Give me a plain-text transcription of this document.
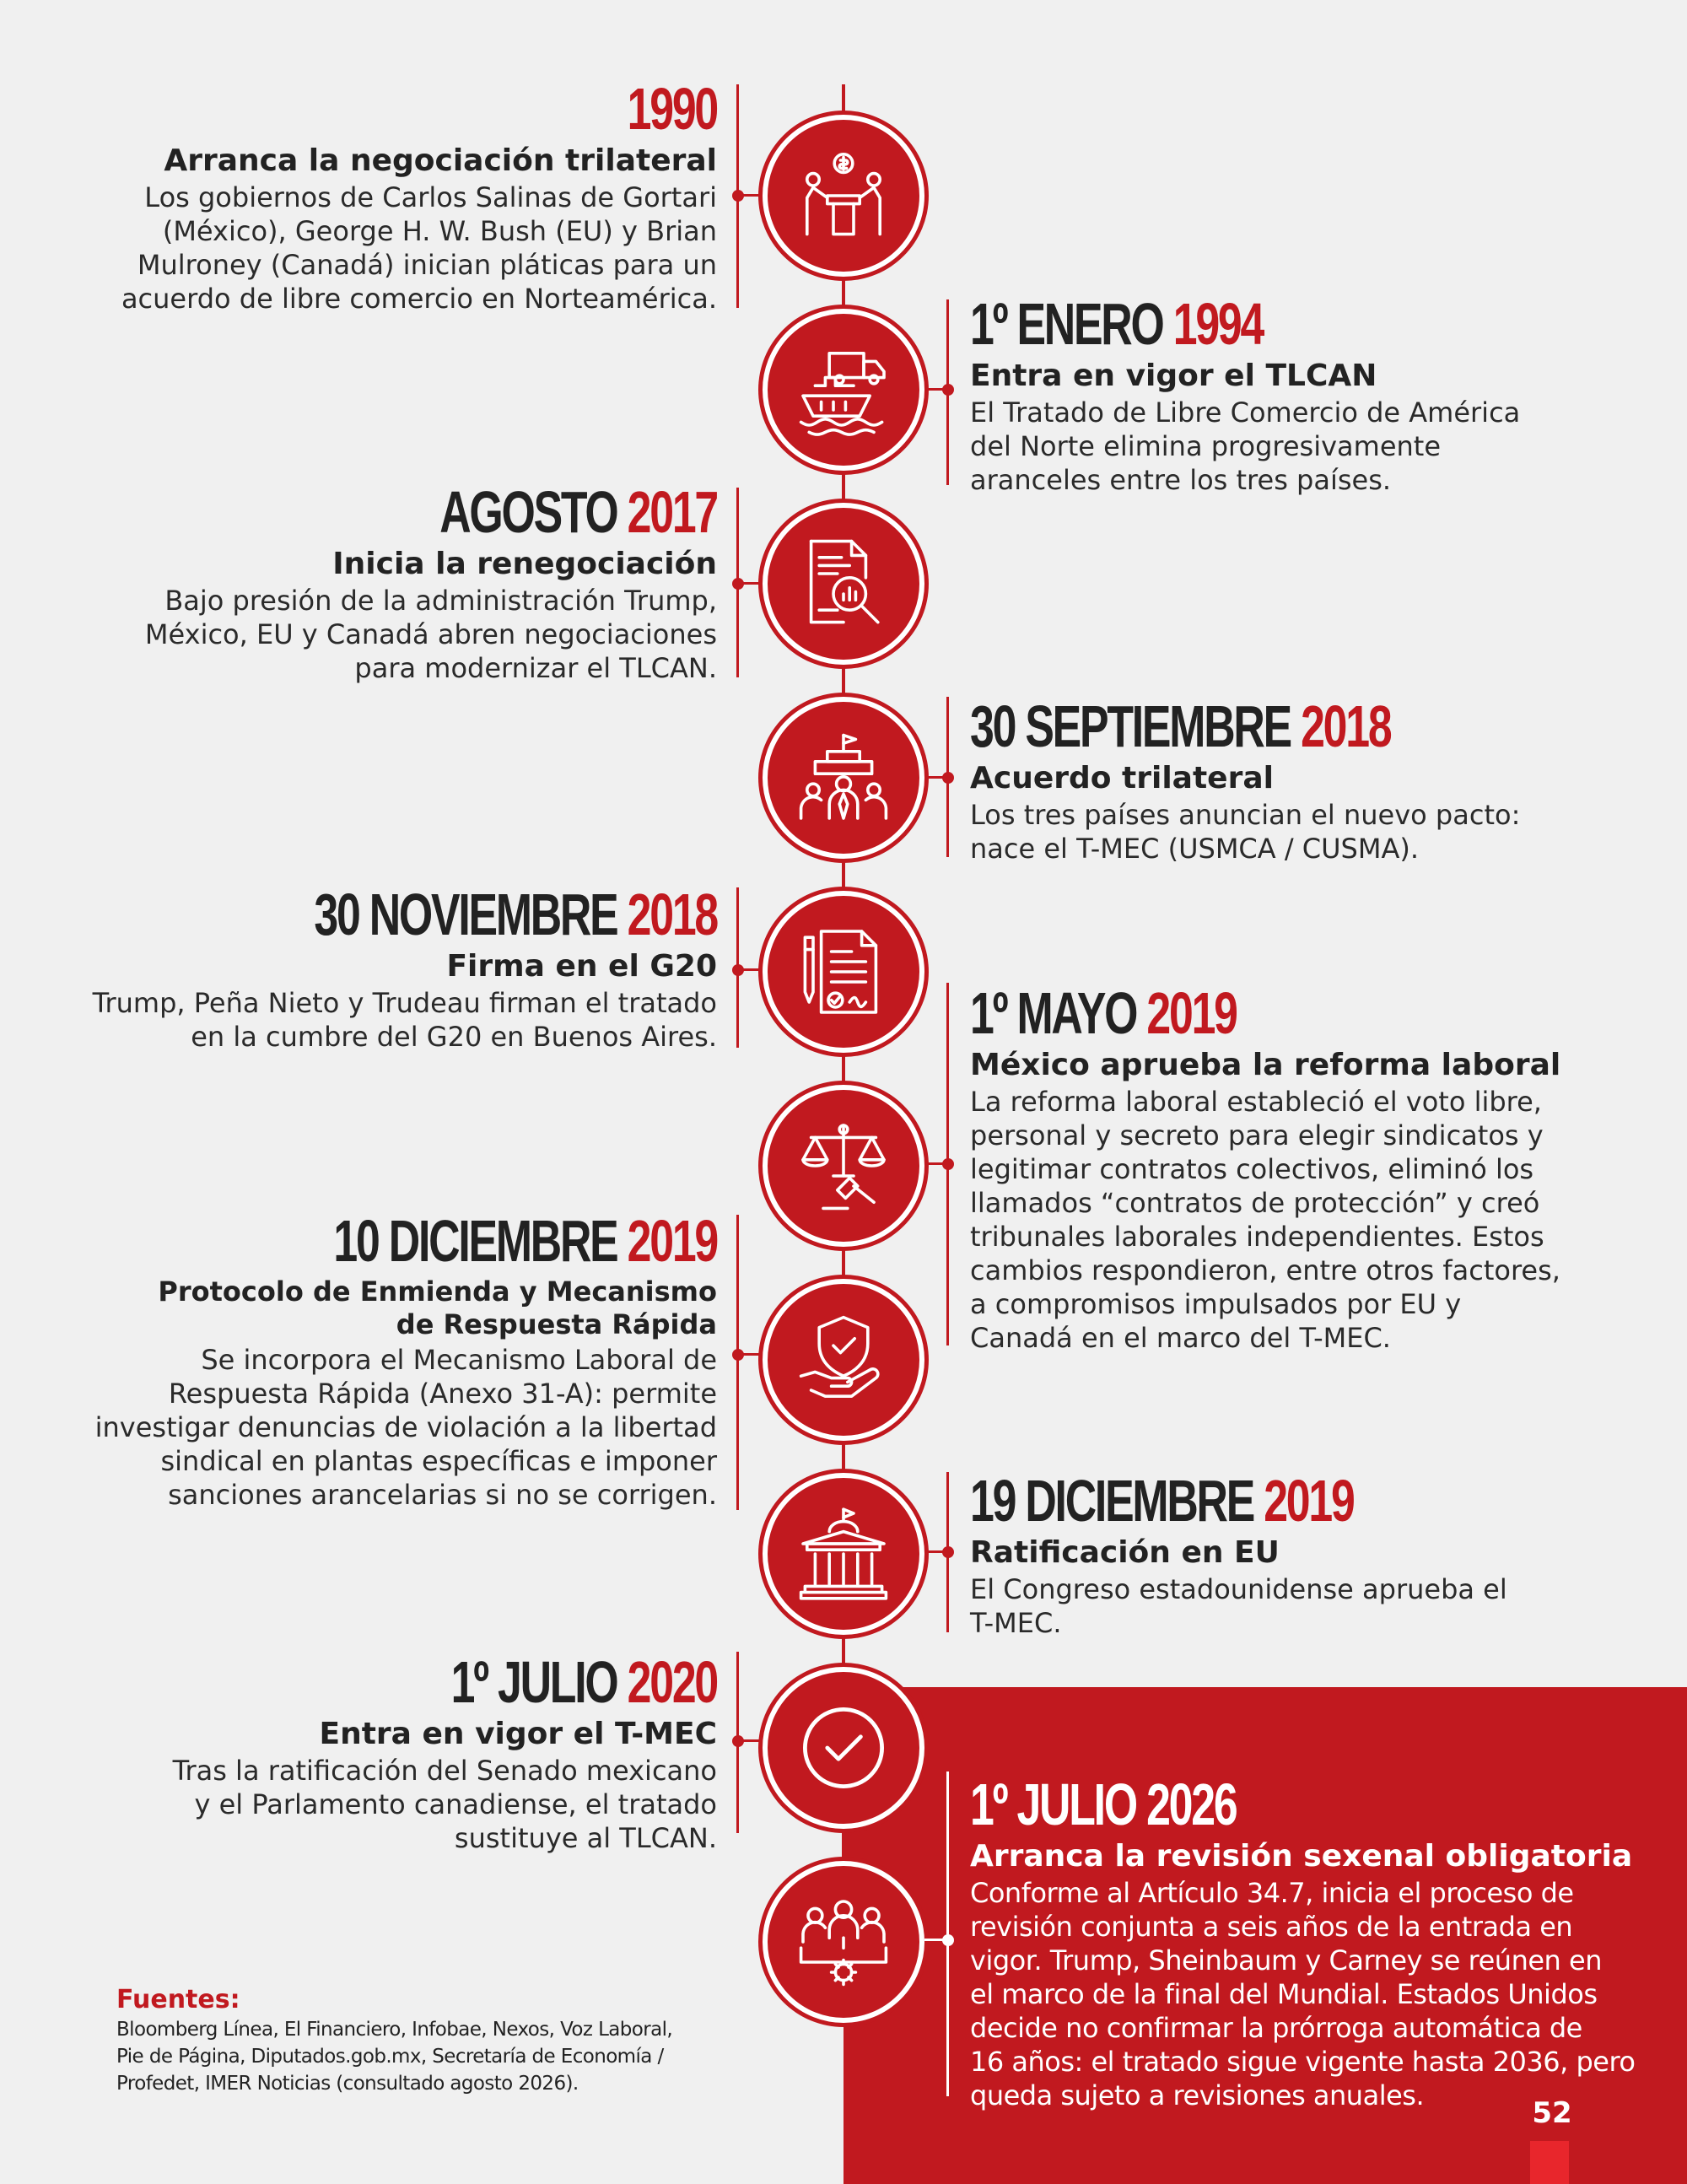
1990
Arranca la negociación trilateral
Los gobiernos de Carlos Salinas de Gortari
(México), George H. W. Bush (EU) y Brian
Mulroney (Canadá) inician pláticas para un
acuerdo de libre comercio en Norteamérica.	1º ENERO 1994
Entra en vigor el TLCAN
El Tratado de Libre Comercio de América
del Norte elimina progresivamente
aranceles entre los tres países.
AGOSTO 2017
Inicia la renegociación
Bajo presión de la administración Trump,
México, EU y Canadá abren negociaciones
para modernizar el TLCAN.
30 SEPTIEMBRE 2018
Acuerdo trilateral
Los tres países anuncian el nuevo pacto:
nace el T-MEC (USMCA / CUSMA).
30 NOVIEMBRE 2018
Firma en el G20
Trump, Peña Nieto y Trudeau firman el tratado
en la cumbre del G20 en Buenos Aires.	1º MAYO 2019
México aprueba la reforma laboral
La reforma laboral estableció el voto libre,
personal y secreto para elegir sindicatos y
legitimar contratos colectivos, eliminó los
llamados “contratos de protección” y creó
tribunales laborales independientes. Estos
cambios respondieron, entre otros factores,
a compromisos impulsados por EU y
Canadá en el marco del T-MEC.
10 DICIEMBRE 2019
Protocolo de Enmienda y Mecanismo
de Respuesta Rápida
Se incorpora el Mecanismo Laboral de
Respuesta Rápida (Anexo 31-A): permite
investigar denuncias de violación a la libertad
sindical en plantas específicas e imponer
sanciones arancelarias si no se corrigen.	19 DICIEMBRE 2019
Ratificación en EU
El Congreso estadounidense aprueba el
T-MEC.
1º JULIO 2020
Entra en vigor el T-MEC
Tras la ratificación del Senado mexicano
y el Parlamento canadiense, el tratado
sustituye al TLCAN.
1º JULIO 2026
Arranca la revisión sexenal obligatoria
Conforme al Artículo 34.7, inicia el proceso de
revisión conjunta a seis años de la entrada en
vigor. Trump, Sheinbaum y Carney se reúnen en
el marco de la final del Mundial. Estados Unidos
decide no confirmar la prórroga automática de
16 años: el tratado sigue vigente hasta 2036, pero
queda sujeto a revisiones anuales.
Fuentes:
Bloomberg Línea, El Financiero, Infobae, Nexos, Voz Laboral,
Pie de Página, Diputados.gob.mx, Secretaría de Economía /
Profedet, IMER Noticias (consultado agosto 2026).
52
